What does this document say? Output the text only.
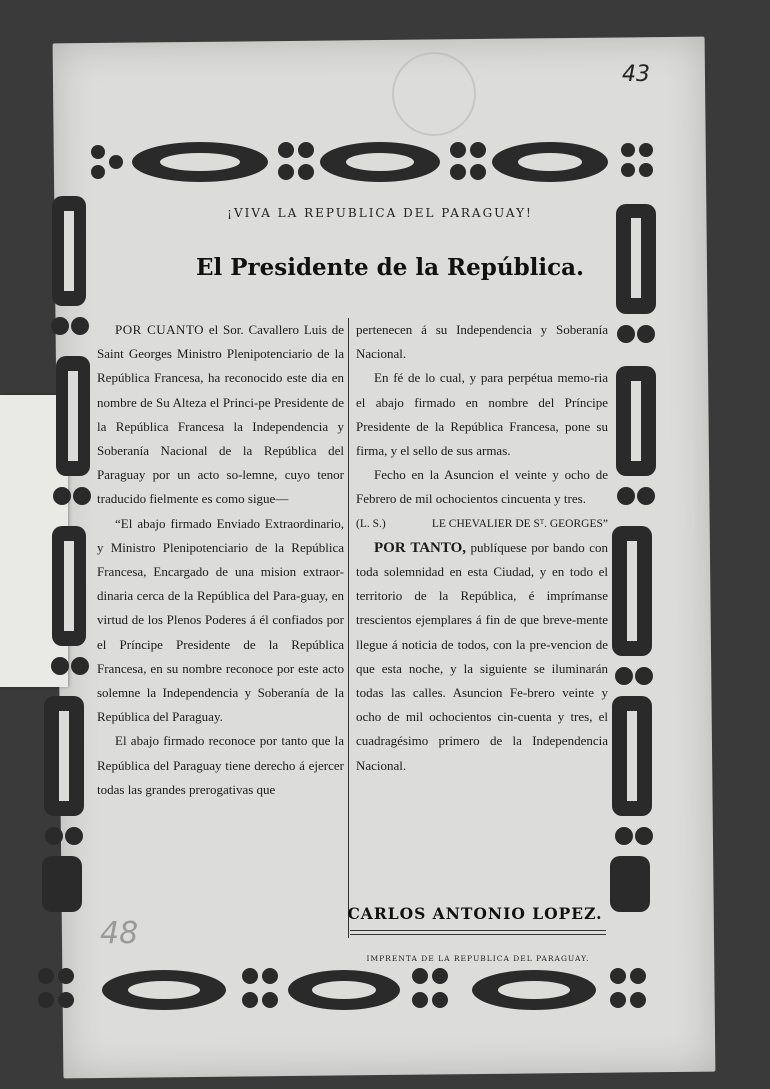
43
¡VIVA LA REPUBLICA DEL PARAGUAY!
El Presidente de la República.

POR CUANTO el Sor. Cavallero Luis de Saint Georges Ministro Plenipotenciario de la República Francesa, ha reconocido este dia en nombre de Su Alteza el Princi-pe Presidente de la República Francesa la Independencia y Soberanía Nacional de la República del Paraguay por un acto so-lemne, cuyo tenor traducido fielmente es como sigue—

“El abajo firmado Enviado Extraordinario, y Ministro Plenipotenciario de la República Francesa, Encargado de una mision extraor-dinaria cerca de la República del Para-guay, en virtud de los Plenos Poderes á él confiados por el Príncipe Presidente de la República Francesa, en su nombre reconoce por este acto solemne la Independencia y Soberanía de la República del Paraguay.

El abajo firmado reconoce por tanto que la República del Paraguay tiene derecho á ejercer todas las grandes prerogativas que

pertenecen á su Independencia y Soberanía Nacional.

En fé de lo cual, y para perpétua memo-ria el abajo firmado en nombre del Príncipe Presidente de la República Francesa, pone su firma, y el sello de sus armas.

Fecho en la Asuncion el veinte y ocho de Febrero de mil ochocientos cincuenta y tres.

(L. S.)	LE CHEVALIER DE Sᵀ. GEORGES”

POR TANTO, publíquese por bando con toda solemnidad en esta Ciudad, y en todo el territorio de la República, é imprímanse trescientos ejemplares á fin de que breve-mente llegue á noticia de todos, con la pre-vencion de que esta noche, y la siguiente se iluminarán todas las calles. Asuncion Fe-brero veinte y ocho de mil ochocientos cin-cuenta y tres, el cuadragésimo primero de la Independencia Nacional.

CARLOS ANTONIO LOPEZ.
IMPRENTA DE LA REPUBLICA DEL PARAGUAY.
48
